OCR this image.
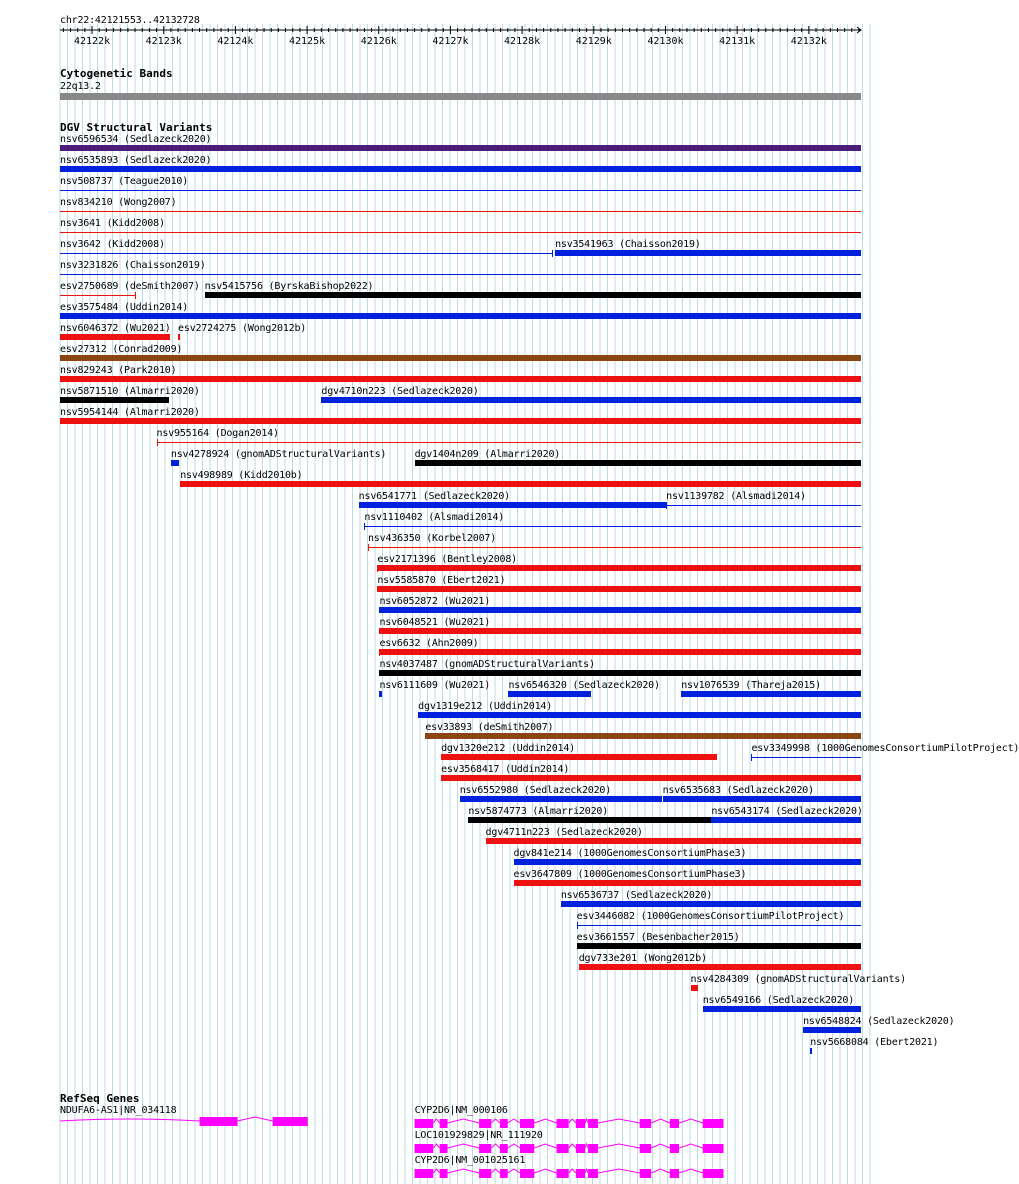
chr22:42121553..42132728
42122k	42123k	42124k	42125k	42126k	42127k	42128k	42129k	42130k	42131k	42132k
Cytogenetic Bands
22q13.2
DGV Structural Variants
nsv6596534 (Sedlazeck2020)
nsv6535893 (Sedlazeck2020)
nsv508737 (Teague2010)
nsv834210 (Wong2007)
nsv3641 (Kidd2008)
nsv3642 (Kidd2008)	nsv3541963 (Chaisson2019)
nsv3231826 (Chaisson2019)
esv2750689 (deSmith2007) nsv5415756 (ByrskaBishop2022)
esv3575484 (Uddin2014)
nsv6046372 (Wu2021) esv2724275 (Wong2012b)
esv27312 (Conrad2009)
nsv829243 (Park2010)
nsv5871510 (Almarri2020)	dgv4710n223 (Sedlazeck2020)
nsv5954144 (Almarri2020)
nsv955164 (Dogan2014)
nsv4278924 (gnomADStructuralVariants)	dgv1404n209 (Almarri2020)
nsv498989 (Kidd2010b)
nsv6541771 (Sedlazeck2020)	nsv1139782 (Alsmadi2014)
nsv1110402 (Alsmadi2014)
nsv436350 (Korbel2007)
esv2171396 (Bentley2008)
nsv5585870 (Ebert2021)
nsv6052872 (Wu2021)
nsv6048521 (Wu2021)
esv6632 (Ahn2009)
nsv4037487 (gnomADStructuralVariants)
nsv6111609 (Wu2021) nsv6546320 (Sedlazeck2020) nsv1076539 (Thareja2015)
dgv1319e212 (Uddin2014)
esv33893 (deSmith2007)
dgv1320e212 (Uddin2014)	esv3349998 (1000GenomesConsortiumPilotProject)
esv3568417 (Uddin2014)
nsv6552980 (Sedlazeck2020)	nsv6535683 (Sedlazeck2020)
nsv5874773 (Almarri2020)	nsv6543174 (Sedlazeck2020)
dgv4711n223 (Sedlazeck2020)
dgv841e214 (1000GenomesConsortiumPhase3)
esv3647809 (1000GenomesConsortiumPhase3)
nsv6536737 (Sedlazeck2020)
esv3446082 (1000GenomesConsortiumPilotProject)
esv3661557 (Besenbacher2015)
dgv733e201 (Wong2012b)
nsv4284309 (gnomADStructuralVariants)
nsv6549166 (Sedlazeck2020)
nsv6548824 (Sedlazeck2020)
nsv5668084 (Ebert2021)
RefSeq Genes
NDUFA6-AS1|NR_034118	CYP2D6|NM_000106
LOC101929829|NR_111920
CYP2D6|NM_001025161
